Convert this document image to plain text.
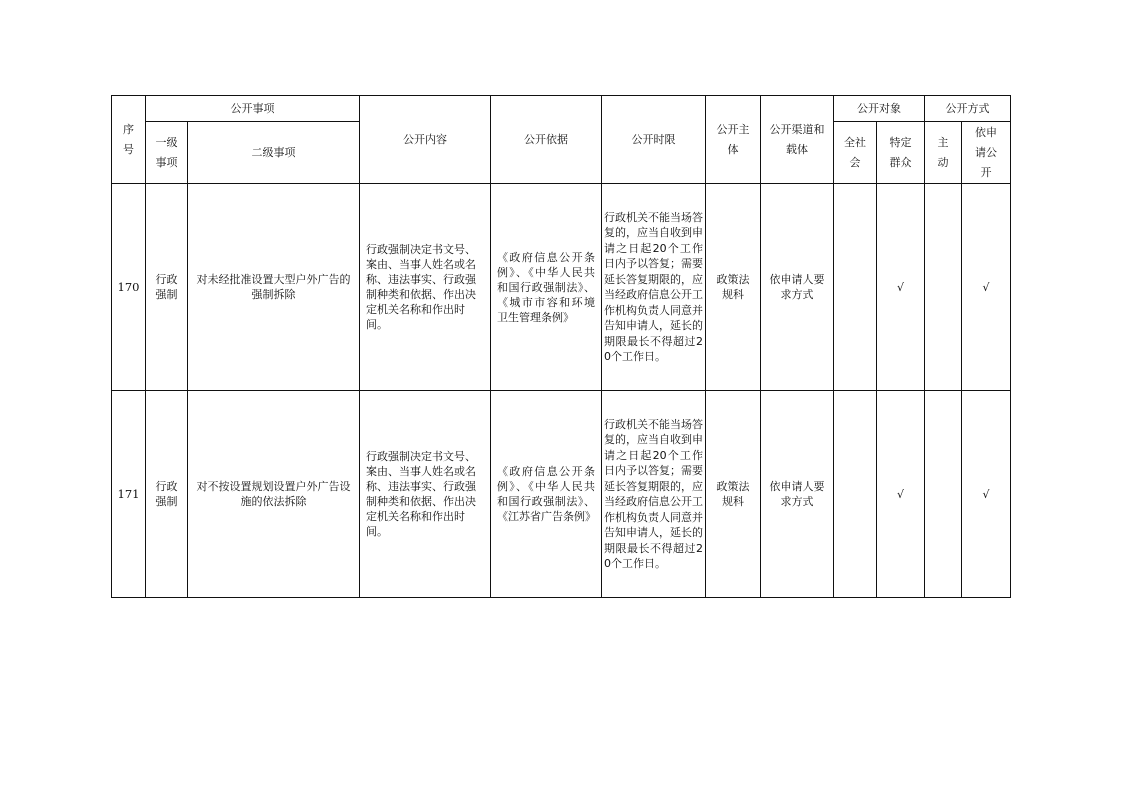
序号	公开事项		公开内容	公开依据	公开时限	公开主体	公开渠道和载体	公开对象		公开方式	
	一级事项	二级事项						全社会	特定群众	主动	依申请公开
170	行政强制	对未经批准设置大型户外广告的强制拆除	行政强制决定书文号、案由、当事人姓名或名称、违法事实、行政强制种类和依据、作出决定机关名称和作出时间。	《政府信息公开条例》、《中华人民共和国行政强制法》、《城市市容和环境卫生管理条例》	行政机关不能当场答复的，应当自收到申请之日起20个工作日内予以答复；需要延长答复期限的，应当经政府信息公开工作机构负责人同意并告知申请人，延长的期限最长不得超过20个工作日。	政策法规科	依申请人要求方式		√		√
171	行政强制	对不按设置规划设置户外广告设施的依法拆除	行政强制决定书文号、案由、当事人姓名或名称、违法事实、行政强制种类和依据、作出决定机关名称和作出时间。	《政府信息公开条例》、《中华人民共和国行政强制法》、《江苏省广告条例》	行政机关不能当场答复的，应当自收到申请之日起20个工作日内予以答复；需要延长答复期限的，应当经政府信息公开工作机构负责人同意并告知申请人，延长的期限最长不得超过20个工作日。	政策法规科	依申请人要求方式		√		√
